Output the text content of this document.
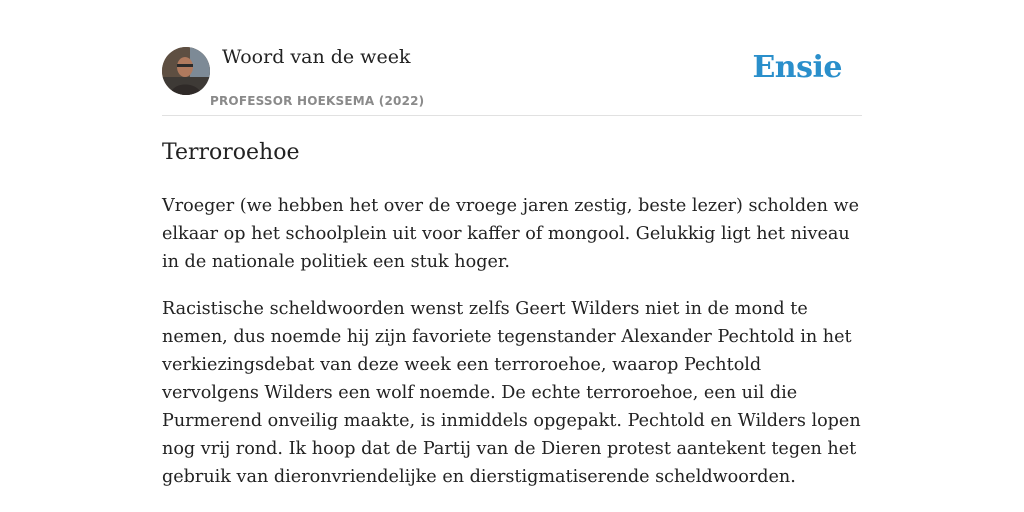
Woord van de week
PROFESSOR HOEKSEMA (2022)
Ensie
Terroroehoe

Vroeger (we hebben het over de vroege jaren zestig, beste lezer) scholden we elkaar op het schoolplein uit voor kaffer of mongool. Gelukkig ligt het niveau in de nationale politiek een stuk hoger.

Racistische scheldwoorden wenst zelfs Geert Wilders niet in de mond te nemen, dus noemde hij zijn favoriete tegenstander Alexander Pechtold in het verkiezingsdebat van deze week een terroroehoe, waarop Pechtold vervolgens Wilders een wolf noemde. De echte terroroehoe, een uil die Purmerend onveilig maakte, is inmiddels opgepakt. Pechtold en Wilders lopen nog vrij rond. Ik hoop dat de Partij van de Dieren protest aantekent tegen het gebruik van dieronvriendelijke en dierstigmatiserende scheldwoorden.
